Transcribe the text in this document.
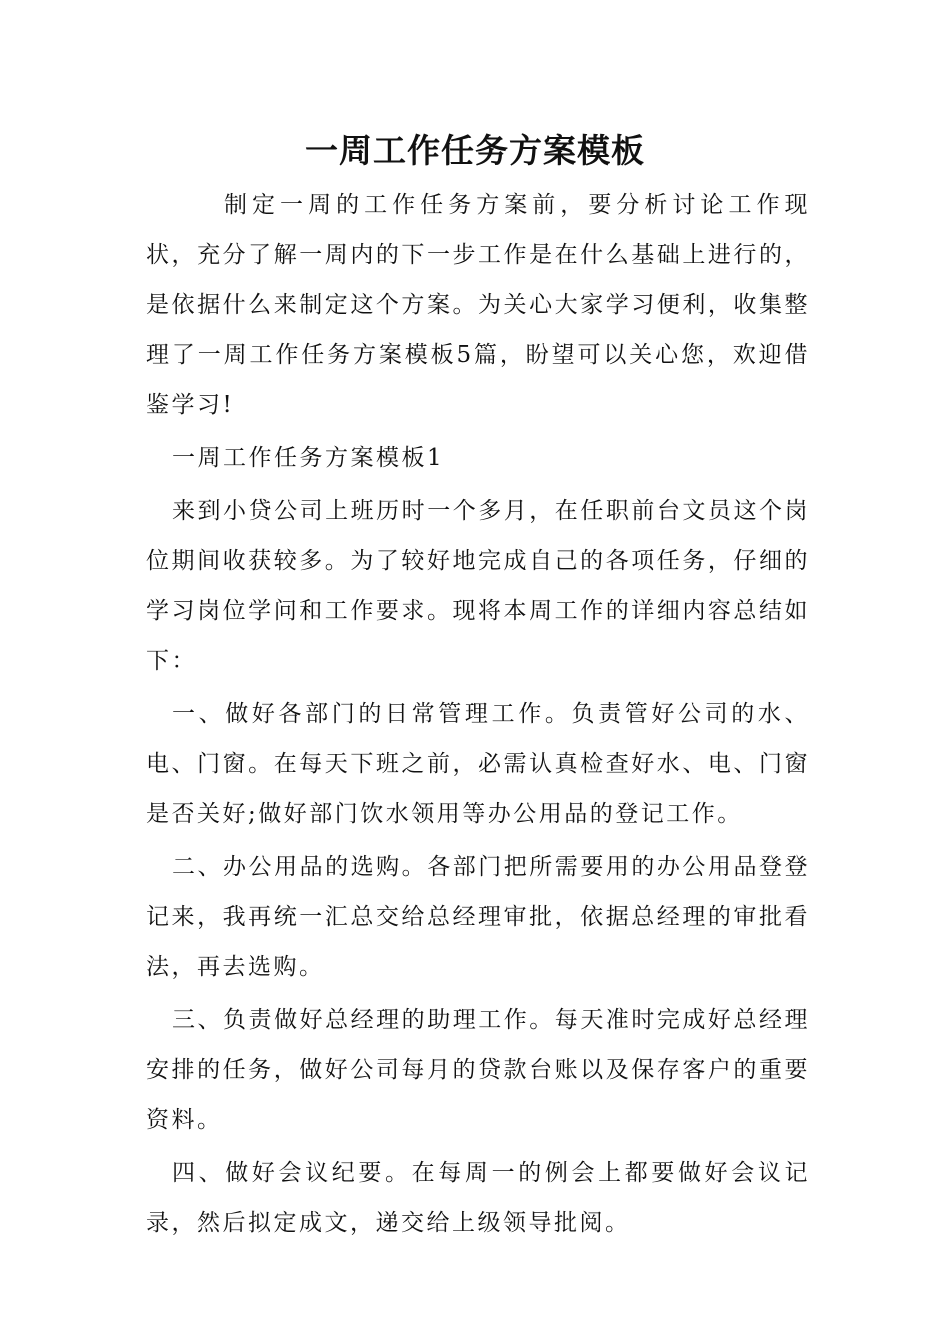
一周工作任务方案模板

制定一周的工作任务方案前，要分析讨论工作现状，充分了解一周内的下一步工作是在什么基础上进行的，是依据什么来制定这个方案。为关心大家学习便利，收集整理了一周工作任务方案模板5篇，盼望可以关心您，欢迎借鉴学习!

一周工作任务方案模板1

来到小贷公司上班历时一个多月，在任职前台文员这个岗位期间收获较多。为了较好地完成自己的各项任务，仔细的学习岗位学问和工作要求。现将本周工作的详细内容总结如下：

一、做好各部门的日常管理工作。负责管好公司的水、电、门窗。在每天下班之前，必需认真检查好水、电、门窗是否关好;做好部门饮水领用等办公用品的登记工作。

二、办公用品的选购。各部门把所需要用的办公用品登登记来，我再统一汇总交给总经理审批，依据总经理的审批看法，再去选购。

三、负责做好总经理的助理工作。每天准时完成好总经理安排的任务，做好公司每月的贷款台账以及保存客户的重要资料。

四、做好会议纪要。在每周一的例会上都要做好会议记录，然后拟定成文，递交给上级领导批阅。
